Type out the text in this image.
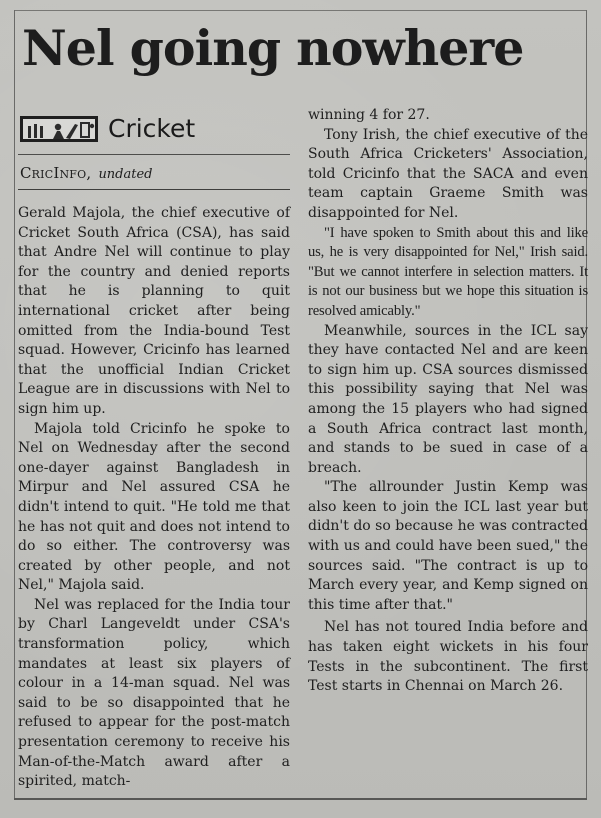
Nel going nowhere
Cricket
CricInfo, undated

Gerald Majola, the chief executive of Cricket South Africa (CSA), has said that Andre Nel will continue to play for the country and denied reports that he is planning to quit international cricket after being omitted from the India-bound Test squad. However, Cricinfo has learned that the unofficial Indian Cricket League are in discussions with Nel to sign him up.

Majola told Cricinfo he spoke to Nel on Wednesday after the second one-dayer against Bangladesh in Mirpur and Nel assured CSA he didn't intend to quit. "He told me that he has not quit and does not intend to do so either. The controversy was created by other people, and not Nel," Majola said.

Nel was replaced for the India tour by Charl Langeveldt under CSA's transformation policy, which mandates at least six players of colour in a 14-man squad. Nel was said to be so disappointed that he refused to appear for the post-match presentation ceremony to receive his Man-of-the-Match award after a spirited, match-

winning 4 for 27.

Tony Irish, the chief executive of the South Africa Cricketers' Association, told Cricinfo that the SACA and even team captain Graeme Smith was disappointed for Nel.

"I have spoken to Smith about this and like us, he is very disappointed for Nel," Irish said. "But we cannot interfere in selection matters. It is not our business but we hope this situation is resolved amicably."

Meanwhile, sources in the ICL say they have contacted Nel and are keen to sign him up. CSA sources dismissed this possibility saying that Nel was among the 15 players who had signed a South Africa contract last month, and stands to be sued in case of a breach.

"The allrounder Justin Kemp was also keen to join the ICL last year but didn't do so because he was contracted with us and could have been sued," the sources said. "The contract is up to March every year, and Kemp signed on this time after that."

Nel has not toured India before and has taken eight wickets in his four Tests in the subcontinent. The first Test starts in Chennai on March 26.
